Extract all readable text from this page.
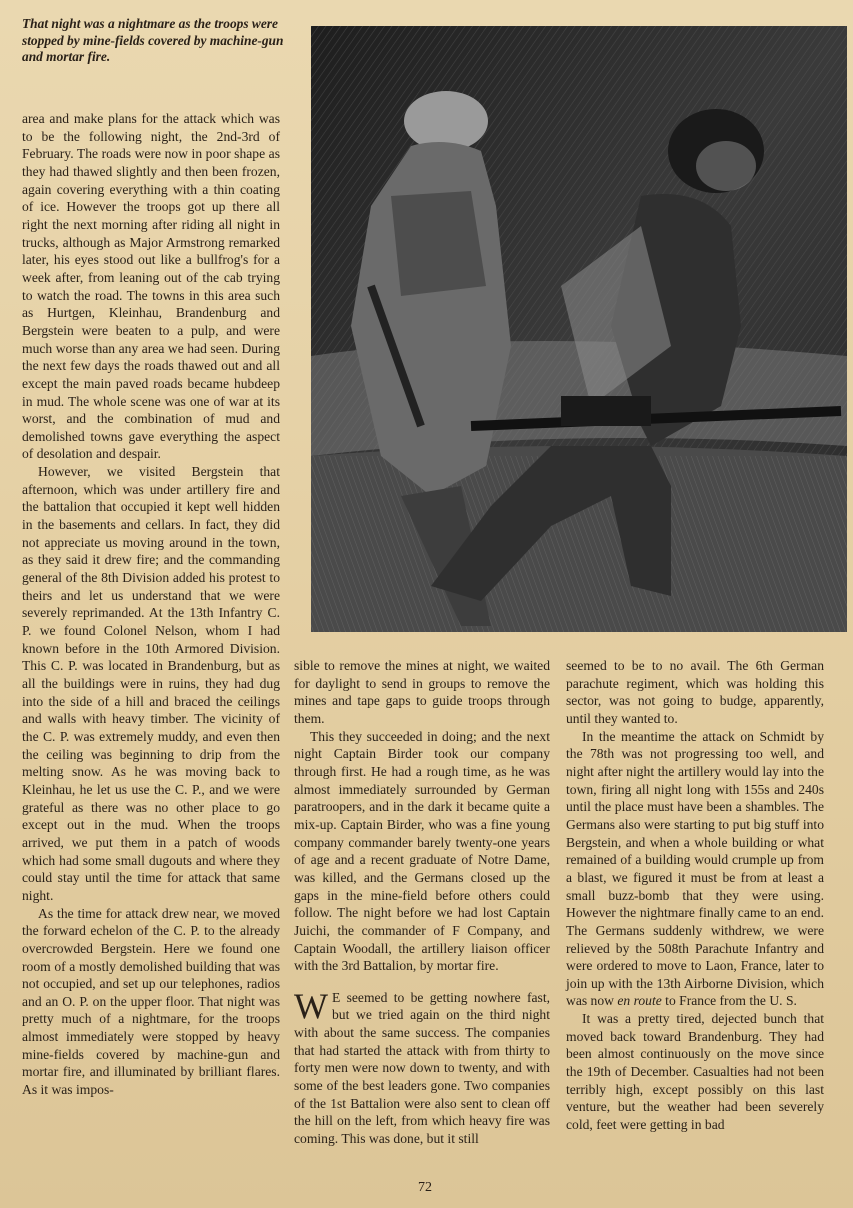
That night was a nightmare as the troops were stopped by mine-fields covered by machine-gun and mortar fire.

area and make plans for the attack which was to be the following night, the 2nd-3rd of February. The roads were now in poor shape as they had thawed slightly and then been frozen, again covering everything with a thin coating of ice. However the troops got up there all right the next morning after riding all night in trucks, although as Major Armstrong remarked later, his eyes stood out like a bullfrog's for a week after, from leaning out of the cab trying to watch the road. The towns in this area such as Hurtgen, Kleinhau, Brandenburg and Bergstein were beaten to a pulp, and were much worse than any area we had seen. During the next few days the roads thawed out and all except the main paved roads became hubdeep in mud. The whole scene was one of war at its worst, and the combination of mud and demolished towns gave everything the aspect of desolation and despair.

However, we visited Bergstein that afternoon, which was under artillery fire and the battalion that occupied it kept well hidden in the basements and cellars. In fact, they did not appreciate us moving around in the town, as they said it drew fire; and the commanding general of the 8th Division added his protest to theirs and let us understand that we were severely reprimanded. At the 13th Infantry C. P. we found Colonel Nelson, whom I had known before in the 10th Armored Division. This C. P. was located in Brandenburg, but as all the buildings were in ruins, they had dug into the side of a hill and braced the ceilings and walls with heavy timber. The vicinity of the C. P. was extremely muddy, and even then the ceiling was beginning to drip from the melting snow. As he was moving back to Kleinhau, he let us use the C. P., and we were grateful as there was no other place to go except out in the mud. When the troops arrived, we put them in a patch of woods which had some small dugouts and where they could stay until the time for attack that same night.

As the time for attack drew near, we moved the forward echelon of the C. P. to the already overcrowded Bergstein. Here we found one room of a mostly demolished building that was not occupied, and set up our telephones, radios and an O. P. on the upper floor. That night was pretty much of a nightmare, for the troops almost immediately were stopped by heavy mine-fields covered by machine-gun and mortar fire, and illuminated by brilliant flares. As it was impos-

sible to remove the mines at night, we waited for daylight to send in groups to remove the mines and tape gaps to guide troops through them.

This they succeeded in doing; and the next night Captain Birder took our company through first. He had a rough time, as he was almost immediately surrounded by German paratroopers, and in the dark it became quite a mix-up. Captain Birder, who was a fine young company commander barely twenty-one years of age and a recent graduate of Notre Dame, was killed, and the Germans closed up the gaps in the mine-field before others could follow. The night before we had lost Captain Juichi, the commander of F Company, and Captain Woodall, the artillery liaison officer with the 3rd Battalion, by mortar fire.

W E seemed to be getting nowhere fast, but we tried again on the third night with about the same success. The companies that had started the attack with from thirty to forty men were now down to twenty, and with some of the best leaders gone. Two companies of the 1st Battalion were also sent to clean off the hill on the left, from which heavy fire was coming. This was done, but it still

seemed to be to no avail. The 6th German parachute regiment, which was holding this sector, was not going to budge, apparently, until they wanted to.

In the meantime the attack on Schmidt by the 78th was not progressing too well, and night after night the artillery would lay into the town, firing all night long with 155s and 240s until the place must have been a shambles. The Germans also were starting to put big stuff into Bergstein, and when a whole building or what remained of a building would crumple up from a blast, we figured it must be from at least a small buzz-bomb that they were using. However the nightmare finally came to an end. The Germans suddenly withdrew, we were relieved by the 508th Parachute Infantry and were ordered to move to Laon, France, later to join up with the 13th Airborne Division, which was now en route to France from the U. S.

It was a pretty tired, dejected bunch that moved back toward Brandenburg. They had been almost continuously on the move since the 19th of December. Casualties had not been terribly high, except possibly on this last venture, but the weather had been severely cold, feet were getting in bad

72
